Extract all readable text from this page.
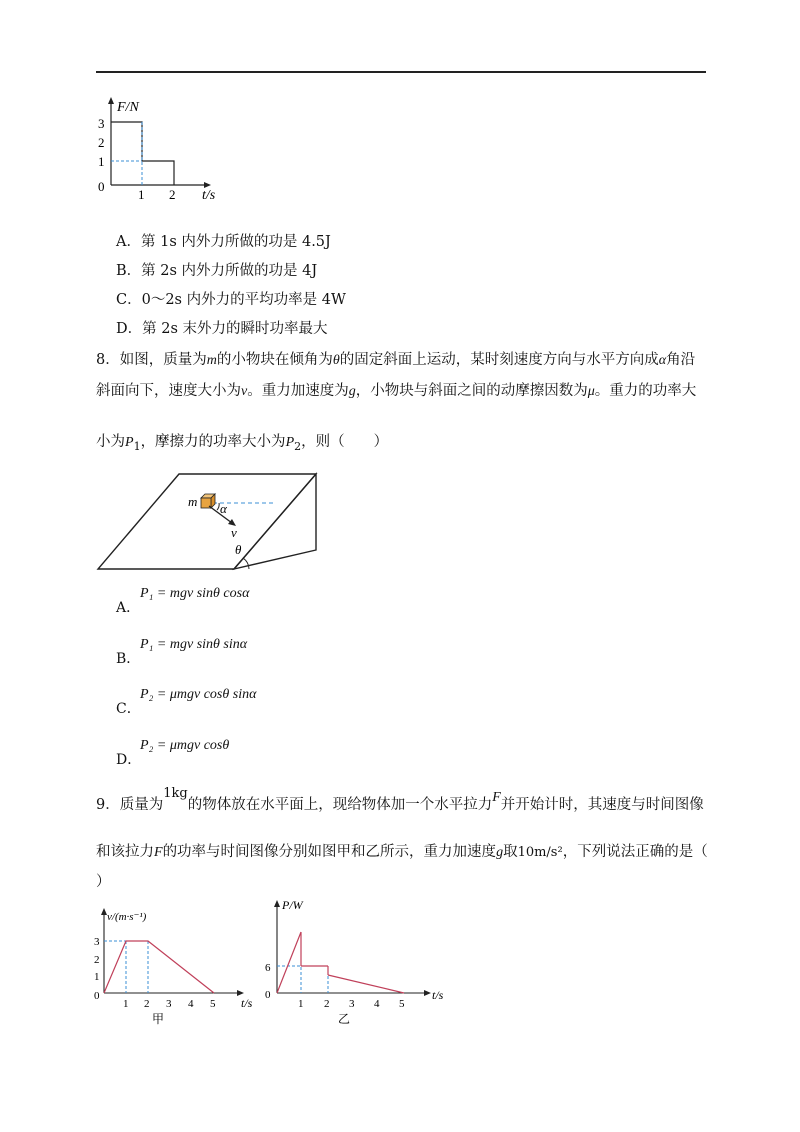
F/N
3
2
1
0
1 2 t/s
A．第 1s 内外力所做的功是 4.5J
B．第 2s 内外力所做的功是 4J
C．0～2s 内外力的平均功率是 4W
D．第 2s 末外力的瞬时功率最大
8．如图，质量为m的小物块在倾角为θ的固定斜面上运动，某时刻速度方向与水平方向成α角沿
斜面向下，速度大小为v。重力加速度为g，小物块与斜面之间的动摩擦因数为μ。重力的功率大
小为$P_1$，摩擦力的功率大小为$P_2$，则（　　）
m α
v
θ
P₁ = mgv sinθ cosα
A．
P₁ = mgv sinθ sinα
B．
P₂ = μmgv cosθ sinα
C．
P₂ = μmgv cosθ
D．
9．质量为1kg的物体放在水平面上，现给物体加一个水平拉力F并开始计时，其速度与时间图像
和该拉力F的功率与时间图像分别如图甲和乙所示，重力加速度g取10m/s²，下列说法正确的是（
）
v/(m·s⁻¹)
3
2
1
0
1 2 3 4 5 t/s
甲
P/W
6
0
1 2 3 4 5
t/s
乙
